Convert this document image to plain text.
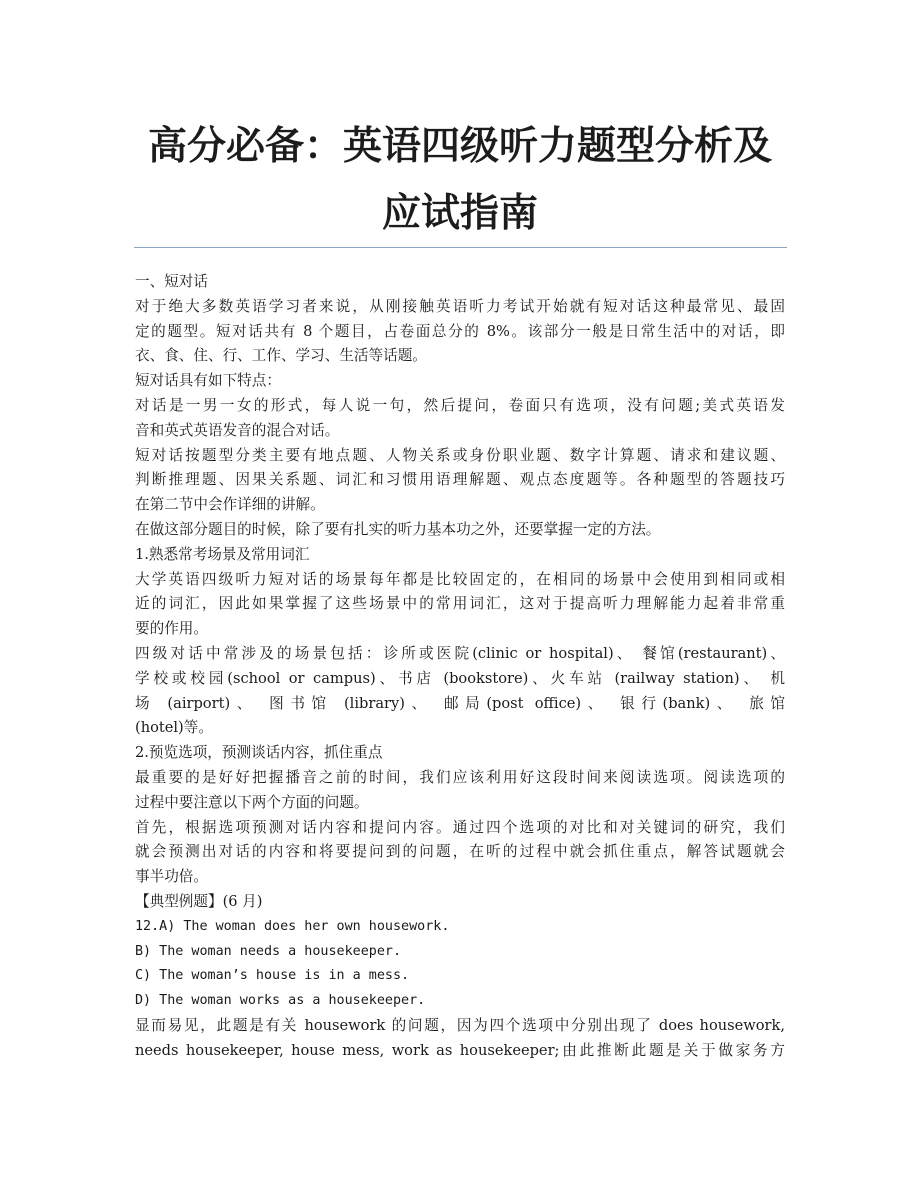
高分必备：英语四级听力题型分析及
应试指南
一、短对话
对于绝大多数英语学习者来说，从刚接触英语听力考试开始就有短对话这种最常见、最固
定的题型。短对话共有 8 个题目，占卷面总分的 8%。该部分一般是日常生活中的对话，即
衣、食、住、行、工作、学习、生活等话题。
短对话具有如下特点：
对话是一男一女的形式，每人说一句，然后提问，卷面只有选项，没有问题;美式英语发
音和英式英语发音的混合对话。
短对话按题型分类主要有地点题、人物关系或身份职业题、数字计算题、请求和建议题、
判断推理题、因果关系题、词汇和习惯用语理解题、观点态度题等。各种题型的答题技巧
在第二节中会作详细的讲解。
在做这部分题目的时候，除了要有扎实的听力基本功之外，还要掌握一定的方法。
1.熟悉常考场景及常用词汇
大学英语四级听力短对话的场景每年都是比较固定的，在相同的场景中会使用到相同或相
近的词汇，因此如果掌握了这些场景中的常用词汇，这对于提高听力理解能力起着非常重
要的作用。
四级对话中常涉及的场景包括：诊所或医院(clinic or hospital)、 餐馆(restaurant)、
学校或校园(school or campus)、书店 (bookstore)、火车站 (railway station)、 机
场 (airport)、 图书馆 (library)、 邮局(post office)、 银行(bank)、 旅馆
(hotel)等。
2.预览选项，预测谈话内容，抓住重点
最重要的是好好把握播音之前的时间，我们应该利用好这段时间来阅读选项。阅读选项的
过程中要注意以下两个方面的问题。
首先，根据选项预测对话内容和提问内容。通过四个选项的对比和对关键词的研究，我们
就会预测出对话的内容和将要提问到的问题，在听的过程中就会抓住重点，解答试题就会
事半功倍。
【典型例题】(6 月)
12.A) The woman does her own housework.
B) The woman needs a housekeeper.
C) The woman’s house is in a mess.
D) The woman works as a housekeeper.
显而易见，此题是有关 housework 的问题，因为四个选项中分别出现了 does housework,
needs housekeeper, house mess, work as housekeeper;由此推断此题是关于做家务方
